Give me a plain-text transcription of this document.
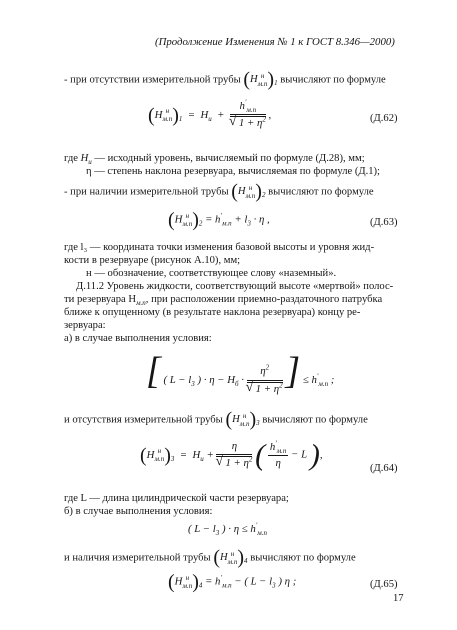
(Продолжение Изменения № 1 к ГОСТ 8.346—2000)
- при отсутствии измерительной трубы (H н
м.п )$_1$ вычисляют по формуле
(H н
м.п )$_1 = H_и + h'_{м.п}$
√ $1 + \eta^2$ ,	(Д.62)
где $H_и$ — исходный уровень, вычисляемый по формуле (Д.28), мм;
η — степень наклона резервуара, вычисляемая по формуле (Д.1);
- при наличии измерительной трубы (H н
м.п )$_2$ вычисляют по формуле
(H н
м.п )$_2 = h'_{м.п} + l_3 \cdot \eta$ ,	(Д.63)
где l₃ — координата точки изменения базовой высоты и уровня жид-
кости в резервуаре (рисунок А.10), мм;
н — обозначение, соответствующее слову «наземный».
Д.11.2 Уровень жидкости, соответствующий высоте «мертвой» полос-
ти резервуара $H_{м.п}$, при расположении приемно-раздаточного патрубка
ближе к опущенному (в результате наклона резервуара) концу ре-
зервуара:
а) в случае выполнения условия:
[ ( $L - l_3$ ) · $\eta - H_б \cdot \eta^2$
√ $1 + \eta^2$ ] ≤ $h'_{м.п}$ ;
и отсутствия измерительной трубы (H н
м.п )$_3$ вычисляют по формуле
(H н
м.п )$_3 = H_и + \eta$
√ $1 + \eta^2$ ( $\frac{h'_{м.п}}{\eta} - L$ ),
(Д.64)
где L — длина цилиндрической части резервуара;
б) в случае выполнения условия:
( $L - l_3$ ) · $\eta \le h'_{м.п}$
и наличия измерительной трубы (H н
м.п )$_4$ вычисляют по формуле
(H н
м.п )$_4 = h'_{м.п}$ − ( $L - l_3$ ) η ;	(Д.65)
17
